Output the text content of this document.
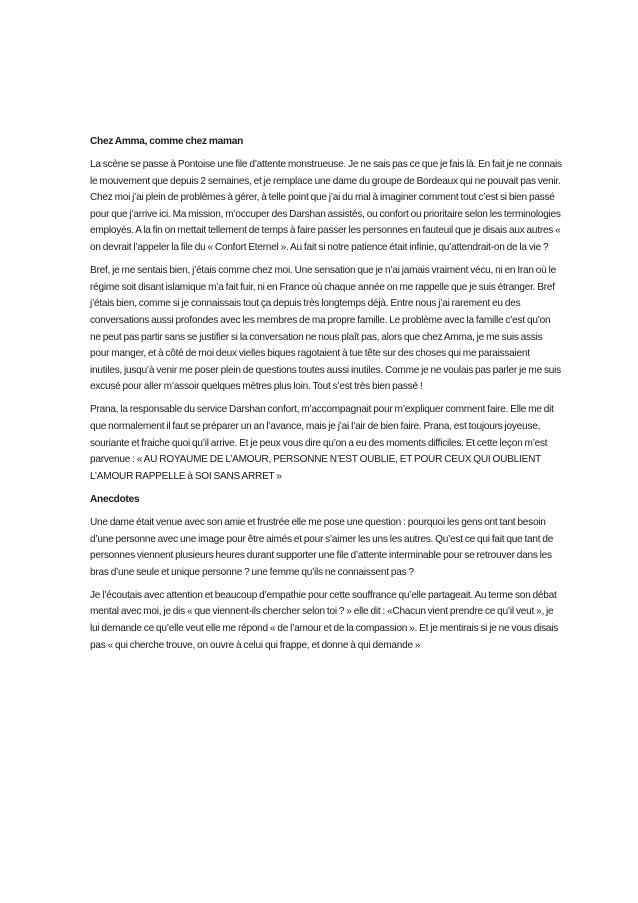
Chez Amma, comme chez maman

La scène se passe à Pontoise une file d’attente monstrueuse. Je ne sais pas ce que je fais là. En fait je ne connais le mouvement que depuis 2 semaines, et je remplace une dame du groupe de Bordeaux qui ne pouvait pas venir. Chez moi j’ai plein de problèmes à gérer, à telle point que j’ai du mal à imaginer comment tout c’est si bien passé pour que j’arrive ici. Ma mission, m’occuper des Darshan assistés, ou confort ou prioritaire selon les terminologies employés. A la fin on mettait tellement de temps à faire passer les personnes en fauteuil que je disais aux autres « on devrait l’appeler la file du « Confort Eternel ». Au fait si notre patience était infinie, qu’attendrait-on de la vie ?

Bref, je me sentais bien, j’étais comme chez moi. Une sensation que je n’ai jamais vraiment vécu, ni en Iran où le régime soit disant islamique m’a fait fuir, ni en France où chaque année on me rappelle que je suis étranger. Bref j’étais bien, comme si je connaissais tout ça depuis très longtemps déjà. Entre nous j’ai rarement eu des conversations aussi profondes avec les membres de ma propre famille. Le problème avec la famille c’est qu’on ne peut pas partir sans se justifier si la conversation ne nous plaît pas, alors que chez Amma, je me suis assis pour manger, et à côté de moi deux vielles biques ragotaient à tue tête sur des choses qui me paraissaient inutiles, jusqu’à venir me poser plein de questions toutes aussi inutiles. Comme je ne voulais pas parler je me suis excusé pour aller m’assoir quelques mètres plus loin. Tout s’est très bien passé !

Prana, la responsable du service Darshan confort, m’accompagnait pour m’expliquer comment faire. Elle me dit que normalement il faut se préparer un an l’avance, mais je j’ai l’air de bien faire. Prana, est toujours joyeuse, souriante et fraiche quoi qu’il arrive. Et je peux vous dire qu’on a eu des moments difficiles. Et cette leçon m’est parvenue : « AU ROYAUME DE L’AMOUR, PERSONNE N’EST OUBLIE, ET POUR CEUX QUI OUBLIENT L’AMOUR RAPPELLE à SOI SANS ARRET »

Anecdotes

Une dame était venue avec son amie et frustrée elle me pose une question : pourquoi les gens ont tant besoin d’une personne avec une image pour être aimés et pour s’aimer les uns les autres. Qu’est ce qui fait que tant de personnes viennent plusieurs heures durant supporter une file d’attente interminable pour se retrouver dans les bras d’une seule et unique personne ? une femme qu’ils ne connaissent pas ?

Je l’écoutais avec attention et beaucoup d’empathie pour cette souffrance qu’elle partageait. Au terme son débat mental avec moi, je dis « que viennent-ils chercher selon toi ? » elle dit : «Chacun vient prendre ce qu’il veut », je lui demande ce qu’elle veut elle me répond « de l’amour et de la compassion ». Et je mentirais si je ne vous disais pas « qui cherche trouve, on ouvre à celui qui frappe, et donne à qui demande »
